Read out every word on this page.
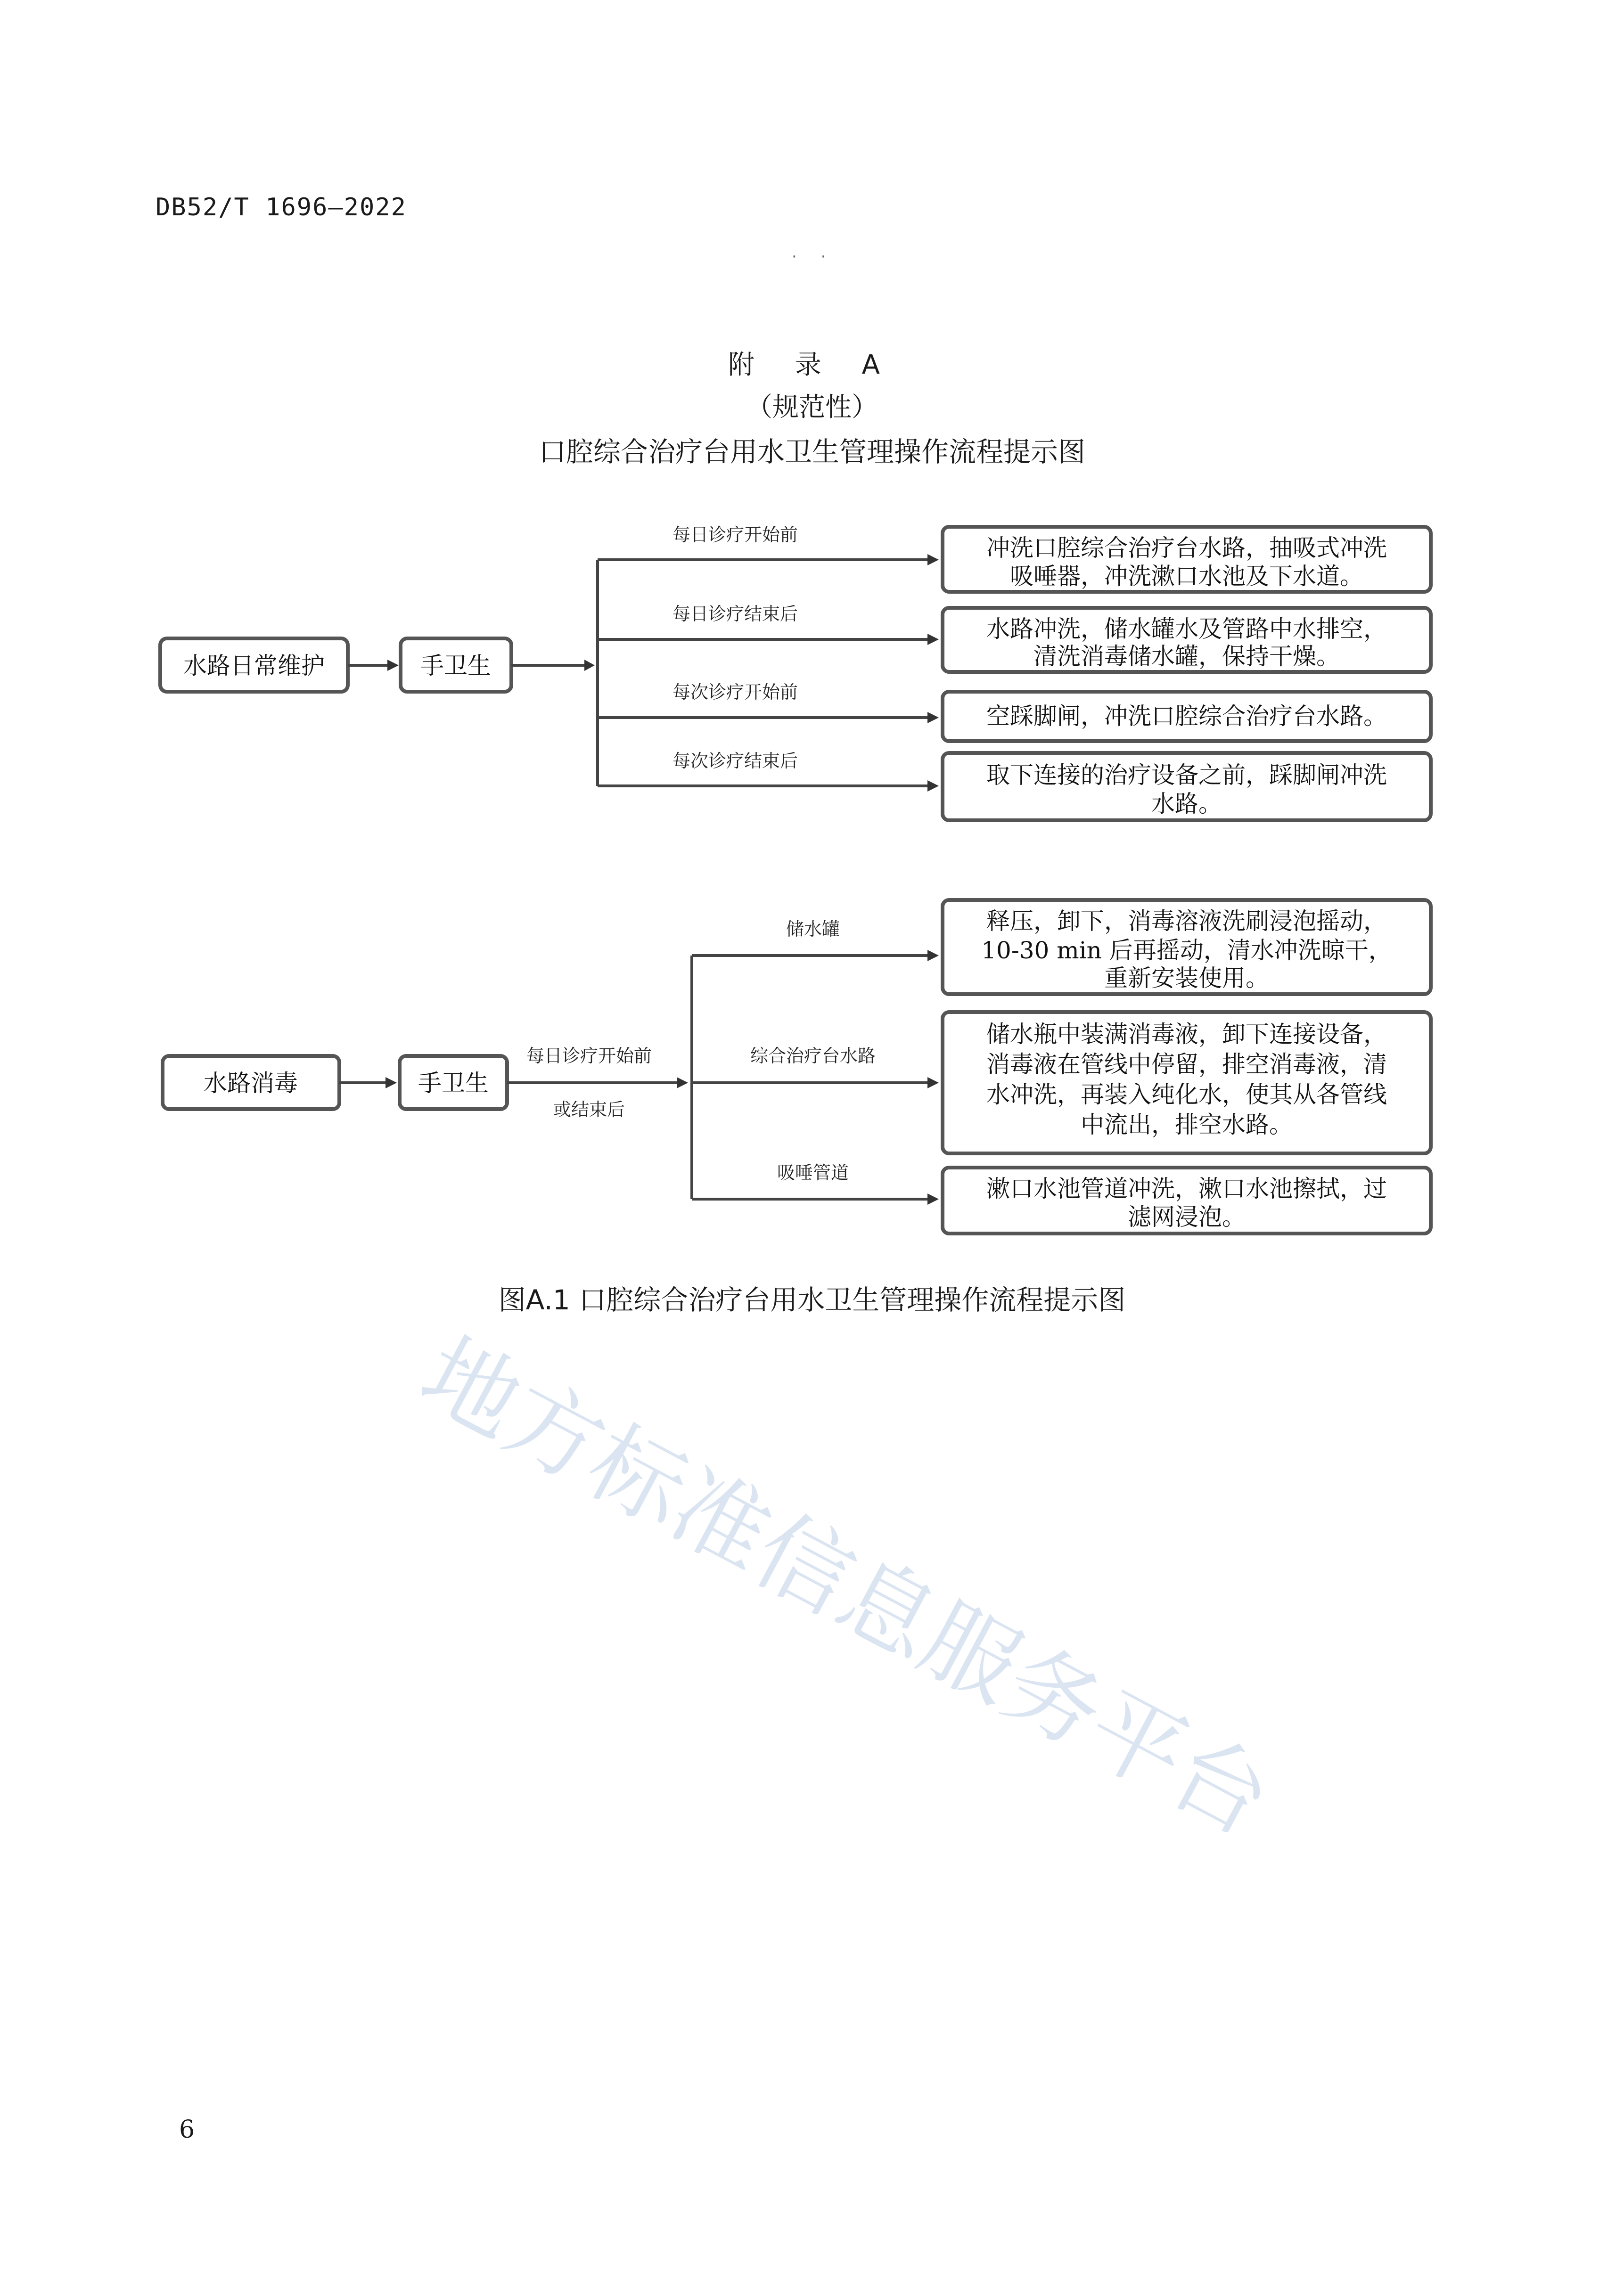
DB52/T 1696—2022
· ·
附 录 A
（规范性）
口腔综合治疗台用水卫生管理操作流程提示图
地方标准信息服务平台
水路日常维护	手卫生
每日诊疗开始前	冲洗口腔综合治疗台水路，抽吸式冲洗
吸唾器，冲洗漱口水池及下水道。
每日诊疗结束后
水路冲洗，储水罐水及管路中水排空，
清洗消毒储水罐，保持干燥。
每次诊疗开始前
空踩脚闸，冲洗口腔综合治疗台水路。
每次诊疗结束后
取下连接的治疗设备之前，踩脚闸冲洗
水路。
水路消毒	手卫生
每日诊疗开始前
或结束后
储水罐	释压，卸下，消毒溶液洗刷浸泡摇动，
10-30 min 后再摇动，清水冲洗晾干，
重新安装使用。
综合治疗台水路
储水瓶中装满消毒液，卸下连接设备，
消毒液在管线中停留，排空消毒液，清
水冲洗，再装入纯化水，使其从各管线
中流出，排空水路。
吸唾管道
漱口水池管道冲洗，漱口水池擦拭，过
滤网浸泡。
图A.1 口腔综合治疗台用水卫生管理操作流程提示图
6
